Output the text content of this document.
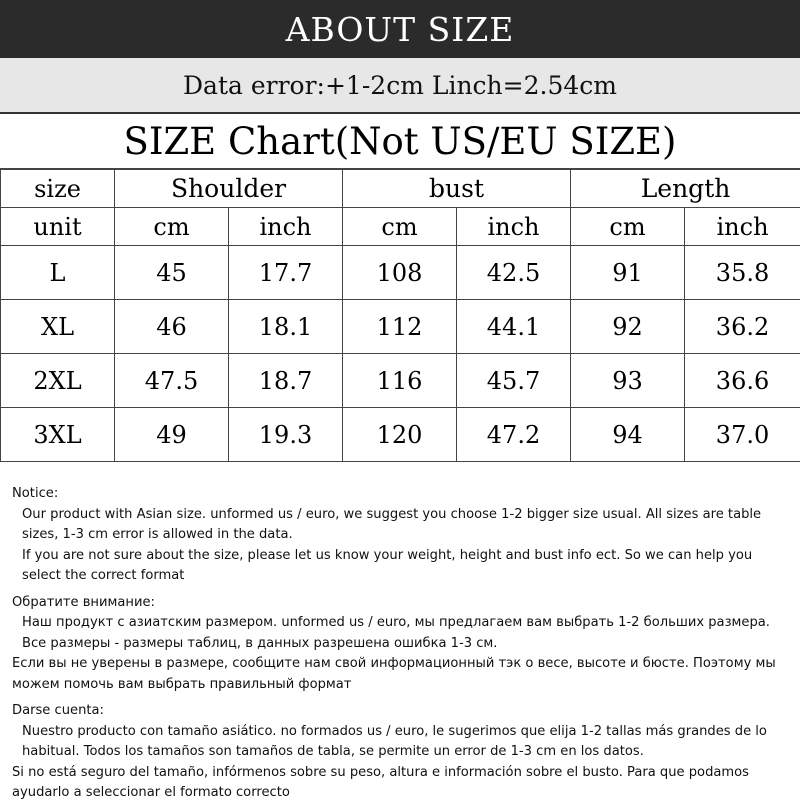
ABOUT SIZE
Data error:+1-2cm Linch=2.54cm
SIZE Chart(Not US/EU SIZE)
size	Shoulder		bust		Length	
unit	cm	inch	cm	inch	cm	inch
L	45	17.7	108	42.5	91	35.8
XL	46	18.1	112	44.1	92	36.2
2XL	47.5	18.7	116	45.7	93	36.6
3XL	49	19.3	120	47.2	94	37.0

Notice:

Our product with Asian size. unformed us / euro, we suggest you choose 1-2 bigger size usual. All sizes are table sizes, 1-3 cm error is allowed in the data.

If you are not sure about the size, please let us know your weight, height and bust info ect. So we can help you select the correct format

Обратите внимание:

Наш продукт с азиатским размером. unformed us / euro, мы предлагаем вам выбрать 1-2 больших размера. Все размеры - размеры таблиц, в данных разрешена ошибка 1-3 см.

Если вы не уверены в размере, сообщите нам свой информационный тэк о весе, высоте и бюсте. Поэтому мы можем помочь вам выбрать правильный формат

Darse cuenta:

Nuestro producto con tamaño asiático. no formados us / euro, le sugerimos que elija 1-2 tallas más grandes de lo habitual. Todos los tamaños son tamaños de tabla, se permite un error de 1-3 cm en los datos.

Si no está seguro del tamaño, infórmenos sobre su peso, altura e información sobre el busto. Para que podamos ayudarlo a seleccionar el formato correcto
